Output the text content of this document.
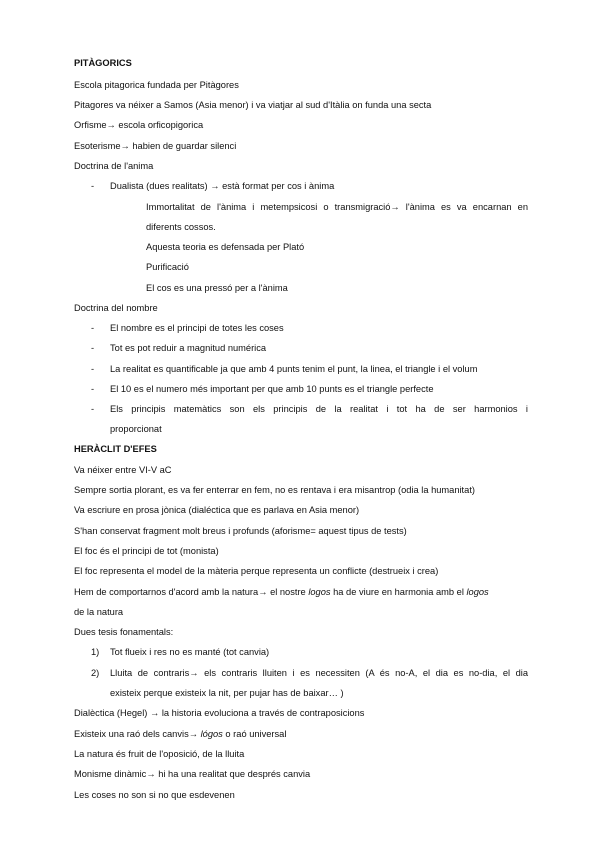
PITÀGORICS
Escola pitagorica fundada per Pitàgores
Pitagores va néixer a Samos (Asia menor) i va viatjar al sud d'Itàlia on funda una secta
Orfisme→ escola orficopigorica
Esoterisme→ habien de guardar silenci
Doctrina de l'anima
- Dualista (dues realitats) → està format per cos i ànima
Immortalitat de l'ànima i metempsicosi o transmigració→ l'ànima es va encarnan en
diferents cossos.
Aquesta teoria es defensada per Plató
Purificació
El cos es una pressó per a l'ànima
Doctrina del nombre
- El nombre es el principi de totes les coses
- Tot es pot reduir a magnitud numérica
- La realitat es quantificable ja que amb 4 punts tenim el punt, la linea, el triangle i el volum
- El 10 es el numero més important per que amb 10 punts es el triangle perfecte
- Els principis matemàtics son els principis de la realitat i tot ha de ser harmonios i
proporcionat
HERÀCLIT D'EFES
Va néixer entre VI-V aC
Sempre sortia plorant, es va fer enterrar en fem, no es rentava i era misantrop (odia la humanitat)
Va escriure en prosa jònica (dialéctica que es parlava en Asia menor)
S'han conservat fragment molt breus i profunds (aforisme= aquest tipus de tests)
El foc és el principi de tot (monista)
El foc representa el model de la màteria perque representa un conflicte (destrueix i crea)
Hem de comportarnos d'acord amb la natura→ el nostre logos ha de viure en harmonia amb el logos
de la natura
Dues tesis fonamentals:
1) Tot flueix i res no es manté (tot canvia)
2) Lluita de contraris→ els contraris lluiten i es necessiten (A és no-A, el dia es no-dia, el dia
existeix perque existeix la nit, per pujar has de baixar… )
Dialèctica (Hegel) → la historia evoluciona a través de contraposicions
Existeix una raó dels canvis→ lógos o raó universal
La natura és fruit de l'oposició, de la lluita
Monisme dinàmic→ hi ha una realitat que després canvia
Les coses no son si no que esdevenen
